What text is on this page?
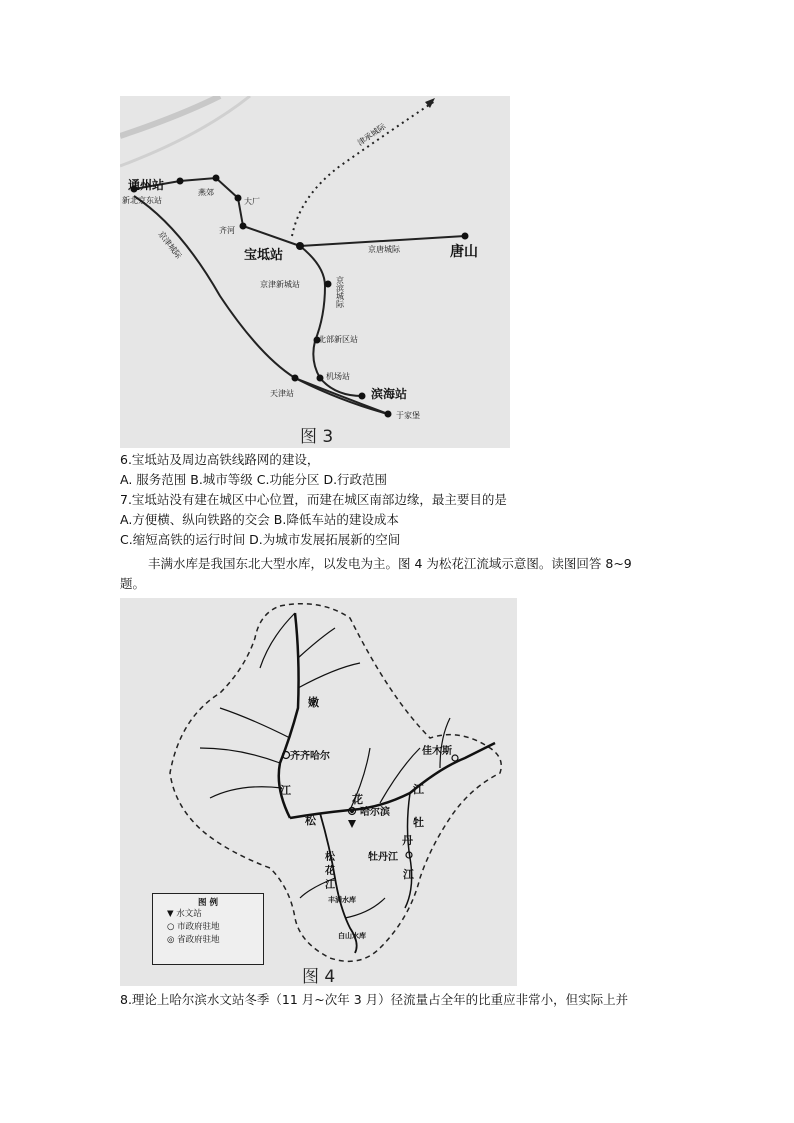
通州站
新北京东站
燕郊
大厂
齐河
宝坻站	唐山
京唐城际
京津新城站
北部新区站
机场站
滨海站
天津站
于家堡
京津城际
津承城际
京滨城际
图 3
6.宝坻站及周边高铁线路网的建设，
A. 服务范围 B.城市等级 C.功能分区 D.行政范围
7.宝坻站没有建在城区中心位置，而建在城区南部边缘，最主要目的是
A.方便横、纵向铁路的交会 B.降低车站的建设成本
C.缩短高铁的运行时间 D.为城市发展拓展新的空间
丰满水库是我国东北大型水库，以发电为主。图 4 为松花江流域示意图。读图回答 8~9 题。
嫩
江
齐齐哈尔
松
花
哈尔滨
佳木斯
江
牡
丹
牡丹江
江
松
花
江
丰满水库
白山水库
图 4
图 例
▼ 水文站
○ 市政府驻地
◎ 省政府驻地
8.理论上哈尔滨水文站冬季（11 月~次年 3 月）径流量占全年的比重应非常小，但实际上并
